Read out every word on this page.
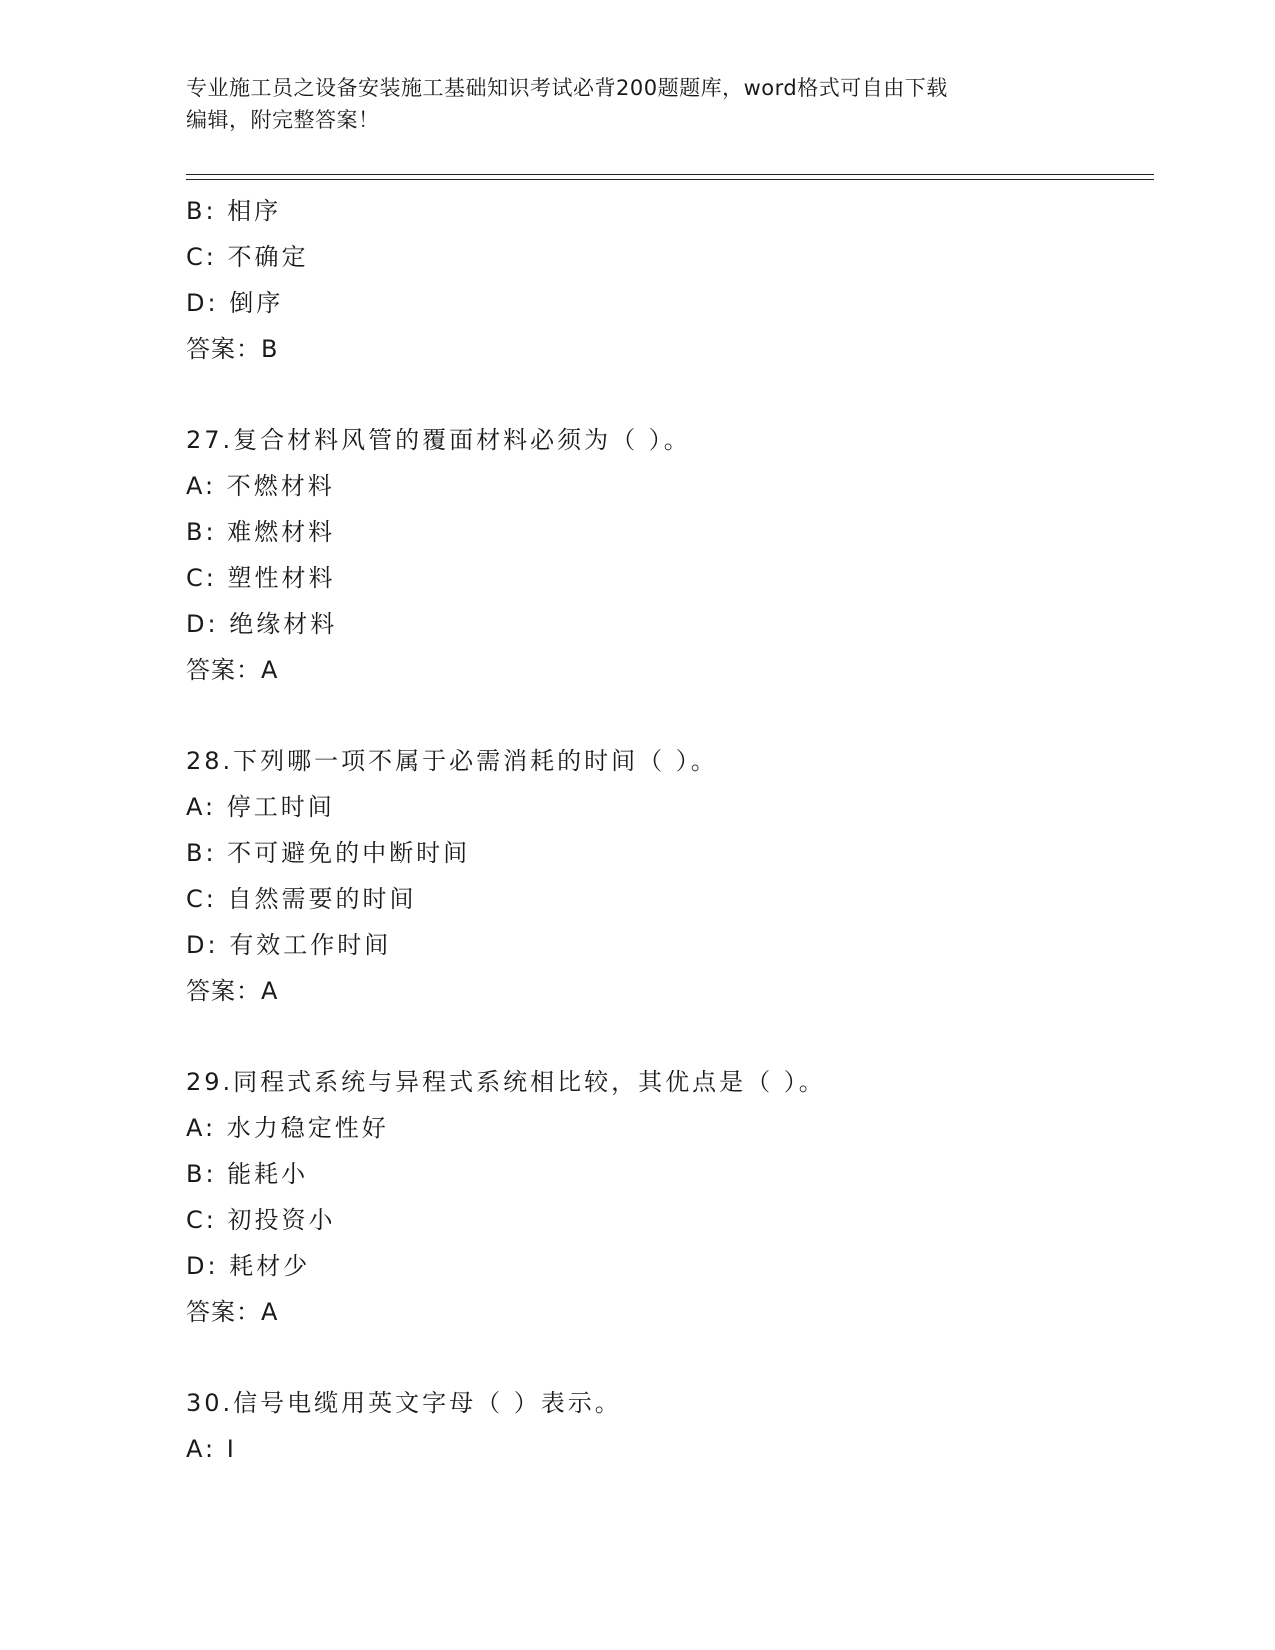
专业施工员之设备安装施工基础知识考试必背200题题库，word格式可自由下载
编辑，附完整答案！
B: 相序
C: 不确定
D: 倒序
答案：B
27.复合材料风管的覆面材料必须为（ ）。
A: 不燃材料
B: 难燃材料
C: 塑性材料
D: 绝缘材料
答案：A
28.下列哪一项不属于必需消耗的时间（ ）。
A: 停工时间
B: 不可避免的中断时间
C: 自然需要的时间
D: 有效工作时间
答案：A
29.同程式系统与异程式系统相比较，其优点是（ ）。
A: 水力稳定性好
B: 能耗小
C: 初投资小
D: 耗材少
答案：A
30.信号电缆用英文字母（ ）表示。
A: I
